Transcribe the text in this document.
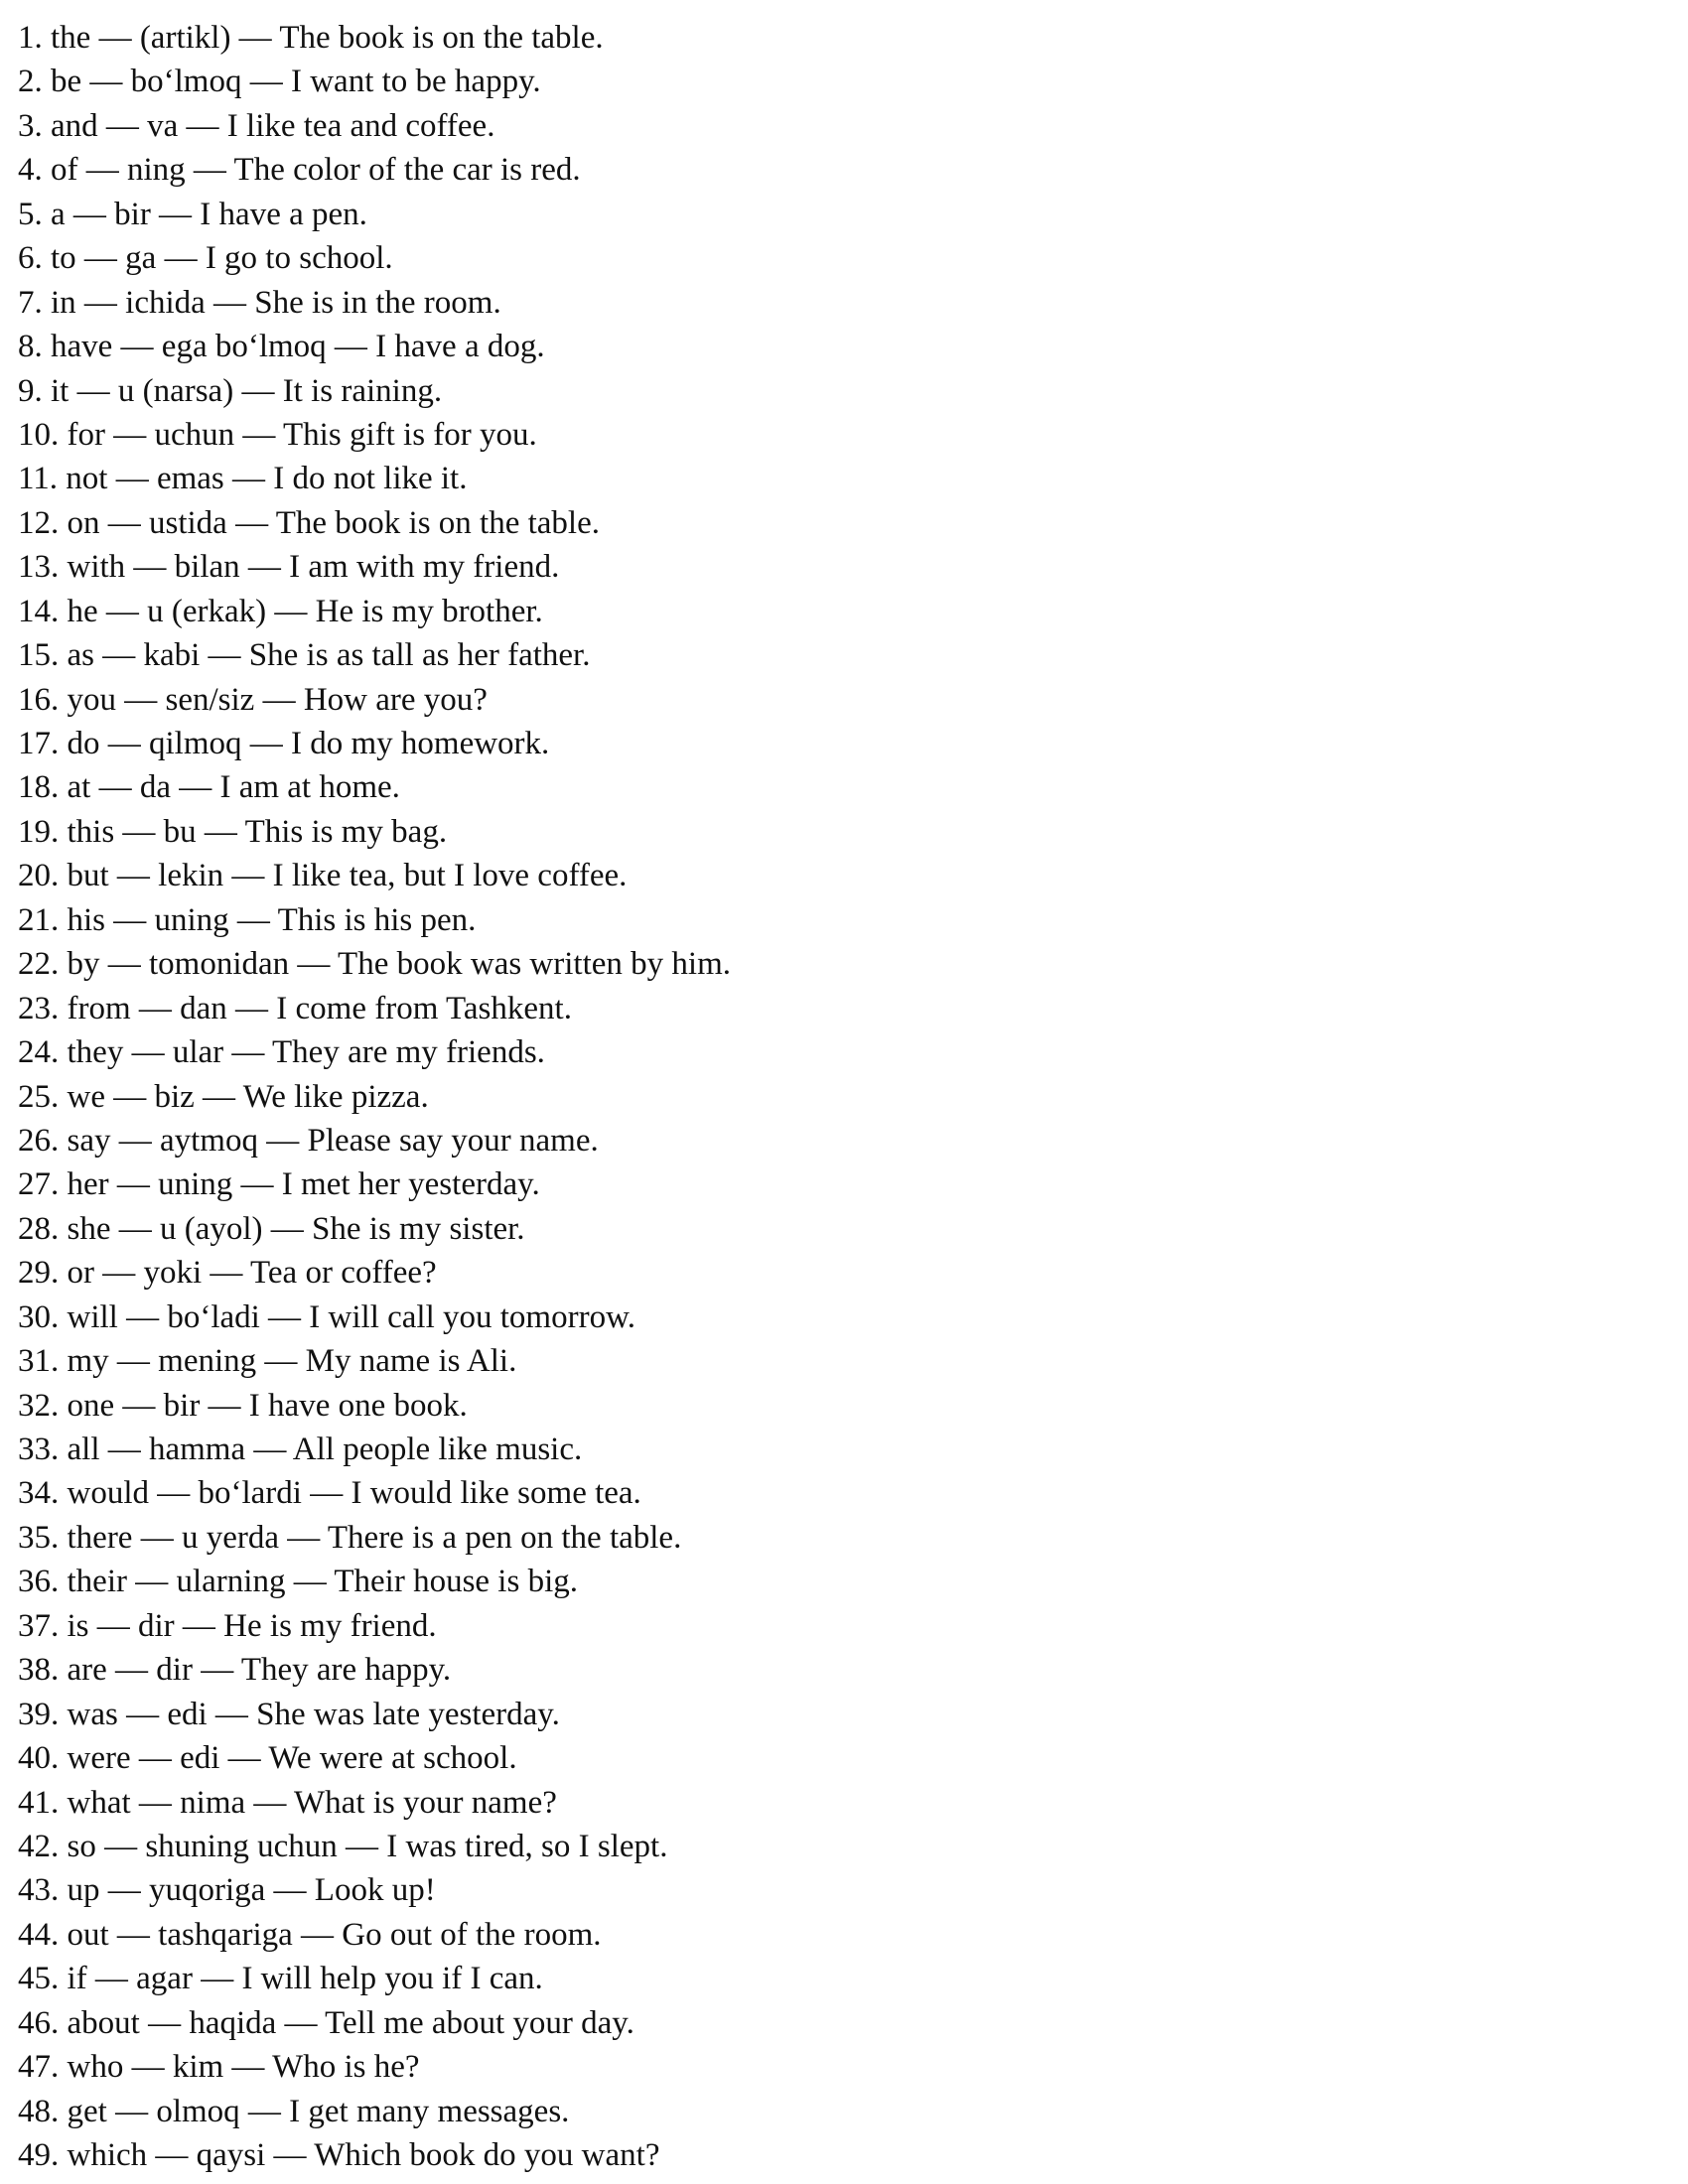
1. the — (artikl) — The book is on the table.
2. be — bo‘lmoq — I want to be happy.
3. and — va — I like tea and coffee.
4. of — ning — The color of the car is red.
5. a — bir — I have a pen.
6. to — ga — I go to school.
7. in — ichida — She is in the room.
8. have — ega bo‘lmoq — I have a dog.
9. it — u (narsa) — It is raining.
10. for — uchun — This gift is for you.
11. not — emas — I do not like it.
12. on — ustida — The book is on the table.
13. with — bilan — I am with my friend.
14. he — u (erkak) — He is my brother.
15. as — kabi — She is as tall as her father.
16. you — sen/siz — How are you?
17. do — qilmoq — I do my homework.
18. at — da — I am at home.
19. this — bu — This is my bag.
20. but — lekin — I like tea, but I love coffee.
21. his — uning — This is his pen.
22. by — tomonidan — The book was written by him.
23. from — dan — I come from Tashkent.
24. they — ular — They are my friends.
25. we — biz — We like pizza.
26. say — aytmoq — Please say your name.
27. her — uning — I met her yesterday.
28. she — u (ayol) — She is my sister.
29. or — yoki — Tea or coffee?
30. will — bo‘ladi — I will call you tomorrow.
31. my — mening — My name is Ali.
32. one — bir — I have one book.
33. all — hamma — All people like music.
34. would — bo‘lardi — I would like some tea.
35. there — u yerda — There is a pen on the table.
36. their — ularning — Their house is big.
37. is — dir — He is my friend.
38. are — dir — They are happy.
39. was — edi — She was late yesterday.
40. were — edi — We were at school.
41. what — nima — What is your name?
42. so — shuning uchun — I was tired, so I slept.
43. up — yuqoriga — Look up!
44. out — tashqariga — Go out of the room.
45. if — agar — I will help you if I can.
46. about — haqida — Tell me about your day.
47. who — kim — Who is he?
48. get — olmoq — I get many messages.
49. which — qaysi — Which book do you want?
